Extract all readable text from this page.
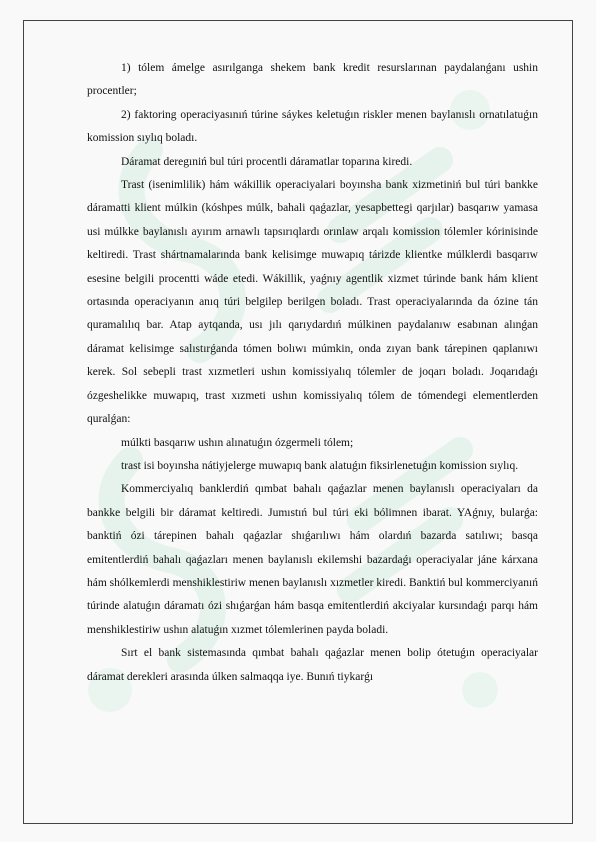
1) tólem ámelge asırılganga shekem bank kredit resurslarınan paydalanǵanı ushin procentler;

2) faktoring operaciyasınıń túrine sáykes keletuǵın riskler menen baylanıslı ornatılatuǵın komission sıylıq boladı.

Dáramat deregıniń bul túri procentli dáramatlar toparına kiredi.

Trast (isenimlilik) hám wákillik operaciyalari boyınsha bank xizmetiniń bul túri bankke dáramatti klient múlkin (kóshpes múlk, bahali qaǵazlar, yesapbettegi qarjılar) basqarıw yamasa usi múlkke baylanıslı ayırım arnawlı tapsırıqlardı orınlaw arqalı komission tólemler kórinisinde keltiredi. Trast shártnamalarında bank kelisimge muwapıq tárizde klientke múlklerdi basqarıw esesine belgili procentti wáde etedi. Wákillik, yaǵnıy agentlik xizmet túrinde bank hám klient ortasında operaciyanın anıq túri belgilep berilgen boladı. Trast operaciyalarında da ózine tán quramalılıq bar. Atap aytqanda, usı jılı qarıydardıń múlkinen paydalanıw esabınan alınǵan dáramat kelisimge salıstırǵanda tómen bolıwı múmkin, onda zıyan bank tárepinen qaplanıwı kerek. Sol sebepli trast xızmetleri ushın komissiyalıq tólemler de joqarı boladı. Joqarıdaǵı ózgeshelikke muwapıq, trast xızmeti ushın komissiyalıq tólem de tómendegi elementlerden quralǵan:

múlkti basqarıw ushın alınatuǵın ózgermeli tólem;

trast isi boyınsha nátiyjelerge muwapıq bank alatuǵın fiksirlenetuǵın komission sıylıq.

Kommerciyalıq banklerdiń qımbat bahalı qaǵazlar menen baylanıslı operaciyaları da bankke belgili bir dáramat keltiredi. Jumıstıń bul túri eki bólimnen ibarat. YAǵnıy, bularǵa: banktiń ózi tárepinen bahalı qaǵazlar shıǵarılıwı hám olardıń bazarda satılıwı; basqa emitentlerdiń bahalı qaǵazları menen baylanıslı ekilemshi bazardaǵı operaciyalar jáne kárxana hám shólkemlerdi menshiklestiriw menen baylanıslı xızmetler kiredi. Banktiń bul kommerciyanıń túrinde alatuǵın dáramatı ózi shıǵarǵan hám basqa emitentlerdiń akciyalar kursındaǵı parqı hám menshiklestiriw ushın alatuǵın xızmet tólemlerinen payda boladi.

Sırt el bank sistemasında qımbat bahalı qaǵazlar menen bolip ótetuǵın operaciyalar dáramat derekleri arasında úlken salmaqqa iye. Bunıń tiykarǵı
